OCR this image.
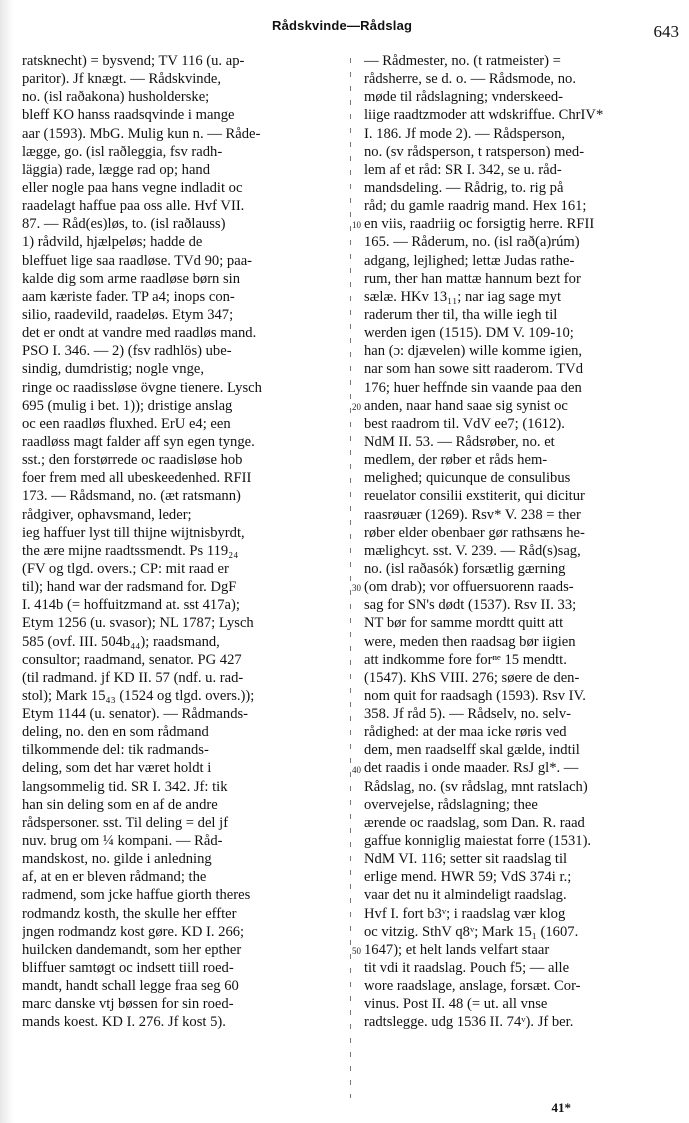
Rådskvinde—Rådslag	643
ratsknecht) = bysvend; TV 116 (u. ap-
paritor). Jf knægt. — Rådskvinde,
no. (isl raðakona) husholderske;
bleff KO hanss raadsqvinde i mange
aar (1593). MbG. Mulig kun n. — Råde-
lægge, go. (isl raðleggia, fsv radh-
läggia) rade, lægge rad op; hand
eller nogle paa hans vegne indladit oc
raadelagt haffue paa oss alle. Hvf VII.
87. — Råd(es)løs, to. (isl raðlauss)
1) rådvild, hjælpeløs; hadde de
bleffuet lige saa raadløse. TVd 90; paa-
kalde dig som arme raadløse børn sin
aam kæriste fader. TP a4; inops con-
silio, raadevild, raadeløs. Etym 347;
det er ondt at vandre med raadløs mand.
PSO I. 346. — 2) (fsv radhlös) ube-
sindig, dumdristig; nogle vnge,
ringe oc raadissløse övgne tienere. Lysch
695 (mulig i bet. 1)); dristige anslag
oc een raadløs fluxhed. ErU e4; een
raadløss magt falder aff syn egen tynge.
sst.; den forstørrede oc raadisløse hob
foer frem med all ubeskeedenhed. RFII
173. — Rådsmand, no. (æt ratsmann)
rådgiver, ophavsmand, leder;
ieg haffuer lyst till thijne wijtnisbyrdt,
the ære mijne raadtssmendt. Ps 119₂₄
(FV og tlgd. overs.; CP: mit raad er
til); hand war der radsmand for. DgF
I. 414b (= hoffuitzmand at. sst 417a);
Etym 1256 (u. svasor); NL 1787; Lysch
585 (ovf. III. 504b₄₄); raadsmand,
consultor; raadmand, senator. PG 427
(til radmand. jf KD II. 57 (ndf. u. rad-
stol); Mark 15₄₃ (1524 og tlgd. overs.));
Etym 1144 (u. senator). — Rådmands-
deling, no. den en som rådmand
tilkommende del: tik radmands-
deling, som det har været holdt i
langsommelig tid. SR I. 342. Jf: tik
han sin deling som en af de andre
rådspersoner. sst. Til deling = del jf
nuv. brug om ¼ kompani. — Råd-
mandskost, no. gilde i anledning
af, at en er bleven rådmand; the
radmend, som jcke haffue giorth theres
rodmandz kosth, the skulle her effter
jngen rodmandz kost gøre. KD I. 266;
huilcken dandemandt, som her epther
bliffuer samtøgt oc indsett tiill roed-
mandt, handt schall legge fraa seg 60
marc danske vtj bøssen for sin roed-
mands koest. KD I. 276. Jf kost 5).
10
20
30
40
50
— Rådmester, no. (t ratmeister) =
rådsherre, se d. o. — Rådsmode, no.
møde til rådslagning; vnderskeed-
liige raadtzmoder att wdskriffue. ChrIV*
I. 186. Jf mode 2). — Rådsperson,
no. (sv rådsperson, t ratsperson) med-
lem af et råd: SR I. 342, se u. råd-
mandsdeling. — Rådrig, to. rig på
råd; du gamle raadrig mand. Hex 161;
en viis, raadriig oc forsigtig herre. RFII
165. — Råderum, no. (isl rað(a)rúm)
adgang, lejlighed; lettæ Judas rathe-
rum, ther han mattæ hannum bezt for
sælæ. HKv 13₁₁; nar iag sage myt
raderum ther til, tha wille iegh til
werden igen (1515). DM V. 109-10;
han (ɔ: djævelen) wille komme igien,
nar som han sowe sitt raaderom. TVd
176; huer heffnde sin vaande paa den
anden, naar hand saae sig synist oc
best raadrom til. VdV ee7; (1612).
NdM II. 53. — Rådsrøber, no. et
medlem, der røber et råds hem-
melighed; quicunque de consulibus
reuelator consilii exstiterit, qui dicitur
raasrøuær (1269). Rsv* V. 238 = ther
røber elder obenbaer gør rathsæns he-
mælighcyt. sst. V. 239. — Råd(s)sag,
no. (isl raðasók) forsætlig gærning
(om drab); vor offuersuorenn raads-
sag for SN's dødt (1537). Rsv II. 33;
NT bør for samme mordtt quitt att
were, meden then raadsag bør iigien
att indkomme fore forⁿᵉ 15 mendtt.
(1547). KhS VIII. 276; søere de den-
nom quit for raadsagh (1593). Rsv IV.
358. Jf råd 5). — Rådselv, no. selv-
rådighed: at der maa icke røris ved
dem, men raadselff skal gælde, indtil
det raadis i onde maader. RsJ gl*. —
Rådslag, no. (sv rådslag, mnt ratslach)
overvejelse, rådslagning; thee
ærende oc raadslag, som Dan. R. raad
gaffue konniglig maiestat forre (1531).
NdM VI. 116; setter sit raadslag til
erlige mend. HWR 59; VdS 374i r.;
vaar det nu it almindeligt raadslag.
Hvf I. fort b3ᵛ; i raadslag vær klog
oc vitzig. SthV q8ᵛ; Mark 15₁ (1607.
1647); et helt lands velfart staar
tit vdi it raadslag. Pouch f5; — alle
wore raadslage, anslage, forsæt. Cor-
vinus. Post II. 48 (= ut. all vnse
radtslegge. udg 1536 II. 74ᵛ). Jf ber.
41*
